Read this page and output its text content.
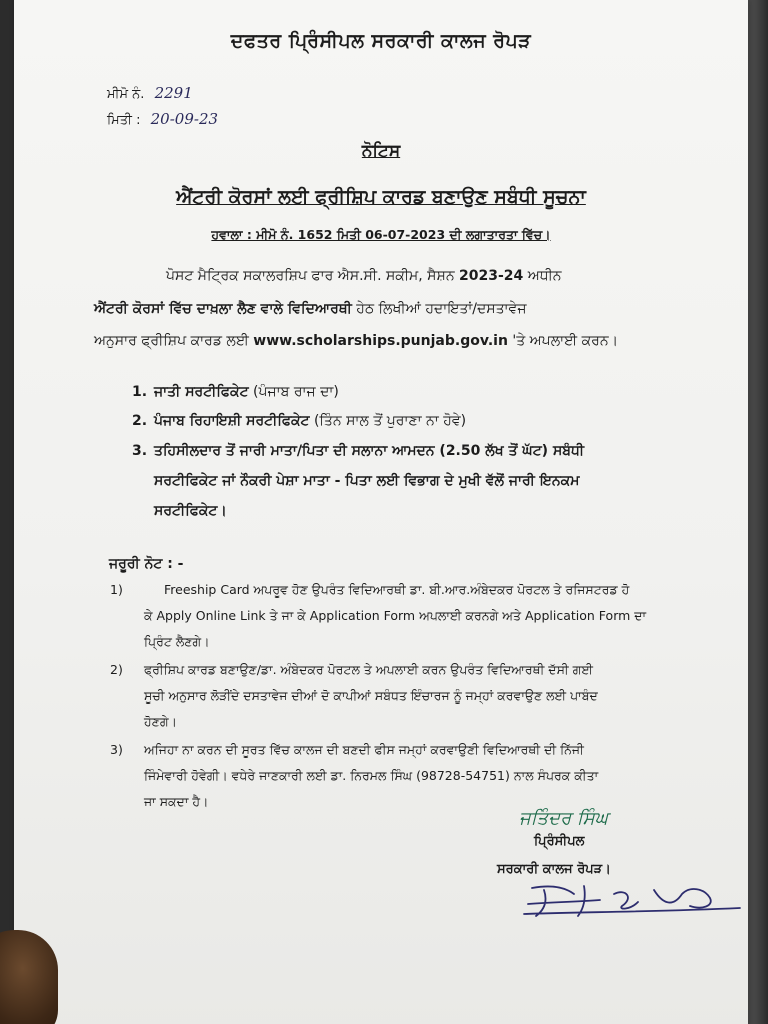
ਦਫਤਰ ਪ੍ਰਿੰਸੀਪਲ ਸਰਕਾਰੀ ਕਾਲਜ ਰੋਪੜ
ਮੀਮੋ ਨੰ. 2291
ਮਿਤੀ : 20-09-23
ਨੋਟਿਸ
ਐਂਟਰੀ ਕੋਰਸਾਂ ਲਈ ਫ੍ਰੀਸ਼ਿਪ ਕਾਰਡ ਬਣਾਉਣ ਸਬੰਧੀ ਸੂਚਨਾ
ਹਵਾਲਾ : ਮੀਮੋ ਨੰ. 1652 ਮਿਤੀ 06-07-2023 ਦੀ ਲਗਾਤਾਰਤਾ ਵਿੱਚ।
ਪੋਸਟ ਮੈਟ੍ਰਿਕ ਸਕਾਲਰਸ਼ਿਪ ਫਾਰ ਐਸ.ਸੀ. ਸਕੀਮ, ਸੈਸ਼ਨ 2023-24 ਅਧੀਨ
ਐਂਟਰੀ ਕੋਰਸਾਂ ਵਿੱਚ ਦਾਖ਼ਲਾ ਲੈਣ ਵਾਲੇ ਵਿਦਿਆਰਥੀ ਹੇਠ ਲਿਖੀਆਂ ਹਦਾਇਤਾਂ/ਦਸਤਾਵੇਜ
ਅਨੁਸਾਰ ਫ੍ਰੀਸ਼ਿਪ ਕਾਰਡ ਲਈ www.scholarships.punjab.gov.in 'ਤੇ ਅਪਲਾਈ ਕਰਨ।
1. ਜਾਤੀ ਸਰਟੀਫਿਕੇਟ (ਪੰਜਾਬ ਰਾਜ ਦਾ)
2. ਪੰਜਾਬ ਰਿਹਾਇਸ਼ੀ ਸਰਟੀਫਿਕੇਟ (ਤਿੰਨ ਸਾਲ ਤੋਂ ਪੁਰਾਣਾ ਨਾ ਹੋਵੇ)
3. ਤਹਿਸੀਲਦਾਰ ਤੋਂ ਜਾਰੀ ਮਾਤਾ/ਪਿਤਾ ਦੀ ਸਲਾਨਾ ਆਮਦਨ (2.50 ਲੱਖ ਤੋਂ ਘੱਟ) ਸਬੰਧੀ
ਸਰਟੀਫਿਕੇਟ ਜਾਂ ਨੌਕਰੀ ਪੇਸ਼ਾ ਮਾਤਾ - ਪਿਤਾ ਲਈ ਵਿਭਾਗ ਦੇ ਮੁਖੀ ਵੱਲੋਂ ਜਾਰੀ ਇਨਕਮ
ਸਰਟੀਫਿਕੇਟ।
ਜਰੂਰੀ ਨੋਟ : -
1)	Freeship Card ਅਪਰੂਵ ਹੋਣ ਉਪਰੰਤ ਵਿਦਿਆਰਥੀ ਡਾ. ਬੀ.ਆਰ.ਅੰਬੇਦਕਰ ਪੋਰਟਲ ਤੇ ਰਜਿਸਟਰਡ ਹੋ
ਕੇ Apply Online Link ਤੇ ਜਾ ਕੇ Application Form ਅਪਲਾਈ ਕਰਨਗੇ ਅਤੇ Application Form ਦਾ
ਪ੍ਰਿੰਟ ਲੈਣਗੇ।
2) ਫ੍ਰੀਸ਼ਿਪ ਕਾਰਡ ਬਣਾਉਣ/ਡਾ. ਅੰਬੇਦਕਰ ਪੋਰਟਲ ਤੇ ਅਪਲਾਈ ਕਰਨ ਉਪਰੰਤ ਵਿਦਿਆਰਥੀ ਦੱਸੀ ਗਈ
ਸੂਚੀ ਅਨੁਸਾਰ ਲੋੜੀਂਦੇ ਦਸਤਾਵੇਜ ਦੀਆਂ ਦੋ ਕਾਪੀਆਂ ਸਬੰਧਤ ਇੰਚਾਰਜ ਨੂੰ ਜਮ੍ਹਾਂ ਕਰਵਾਉਣ ਲਈ ਪਾਬੰਦ
ਹੋਣਗੇ।
3) ਅਜਿਹਾ ਨਾ ਕਰਨ ਦੀ ਸੂਰਤ ਵਿੱਚ ਕਾਲਜ ਦੀ ਬਣਦੀ ਫੀਸ ਜਮ੍ਹਾਂ ਕਰਵਾਉਣੀ ਵਿਦਿਆਰਥੀ ਦੀ ਨਿੱਜੀ
ਜਿੰਮੇਵਾਰੀ ਹੋਵੇਗੀ। ਵਧੇਰੇ ਜਾਣਕਾਰੀ ਲਈ ਡਾ. ਨਿਰਮਲ ਸਿੰਘ (98728-54751) ਨਾਲ ਸੰਪਰਕ ਕੀਤਾ
ਜਾ ਸਕਦਾ ਹੈ।
ਜਤਿੰਦਰ ਸਿੰਘ
ਪ੍ਰਿੰਸੀਪਲ
ਸਰਕਾਰੀ ਕਾਲਜ ਰੋਪੜ।
